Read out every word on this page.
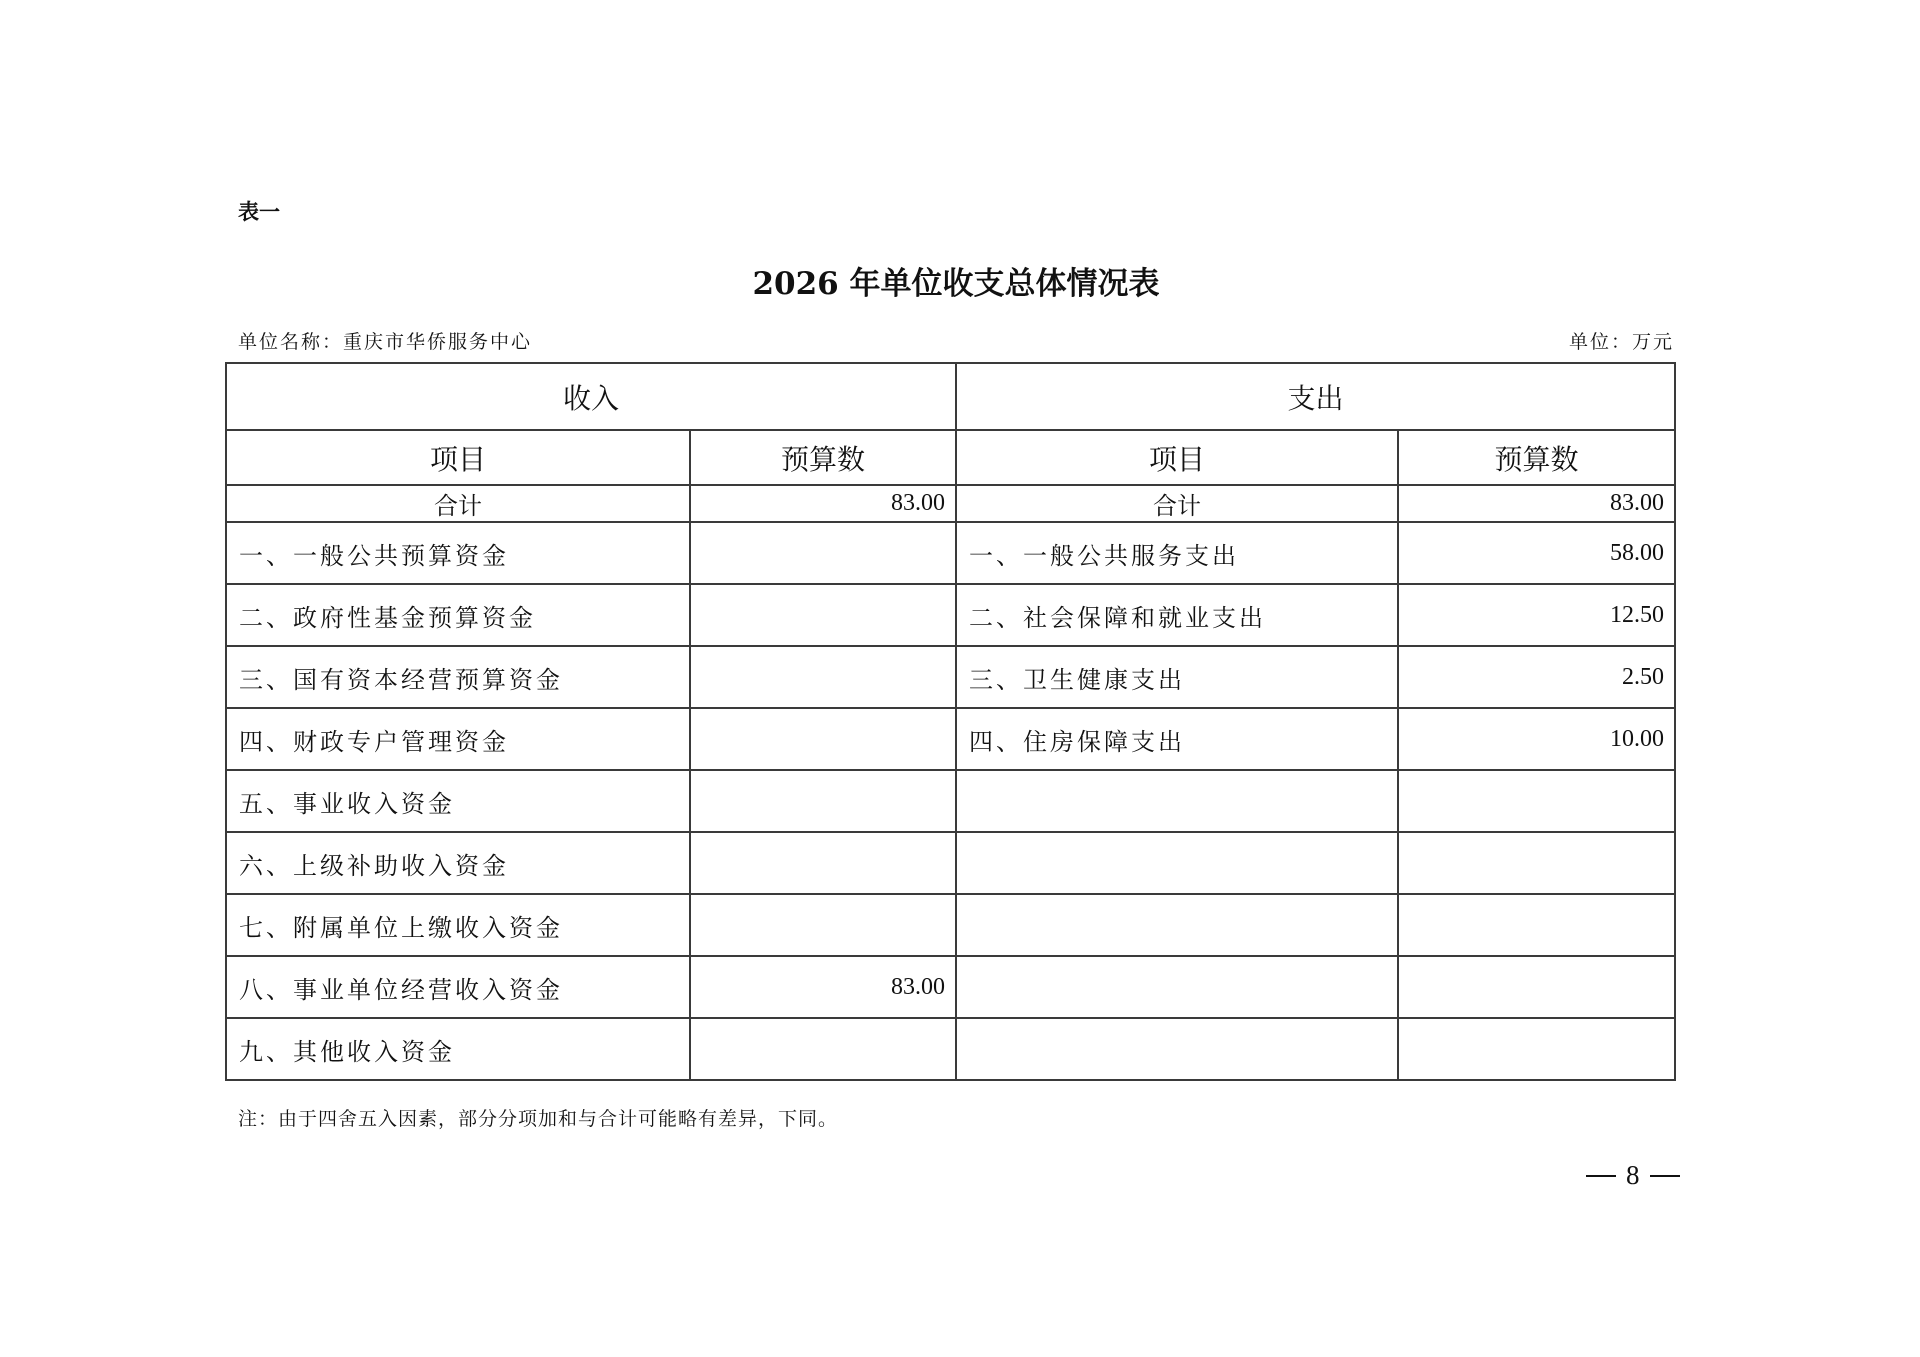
表一
2026 年单位收支总体情况表
单位名称：重庆市华侨服务中心	单位：万元
收入		支出	
项目	预算数	项目	预算数
合计	83.00	合计	83.00
一、一般公共预算资金		一、一般公共服务支出	58.00
二、政府性基金预算资金		二、社会保障和就业支出	12.50
三、国有资本经营预算资金		三、卫生健康支出	2.50
四、财政专户管理资金		四、住房保障支出	10.00
五、事业收入资金			
六、上级补助收入资金			
七、附属单位上缴收入资金			
八、事业单位经营收入资金	83.00		
九、其他收入资金			
注：由于四舍五入因素，部分分项加和与合计可能略有差异，下同。
8
